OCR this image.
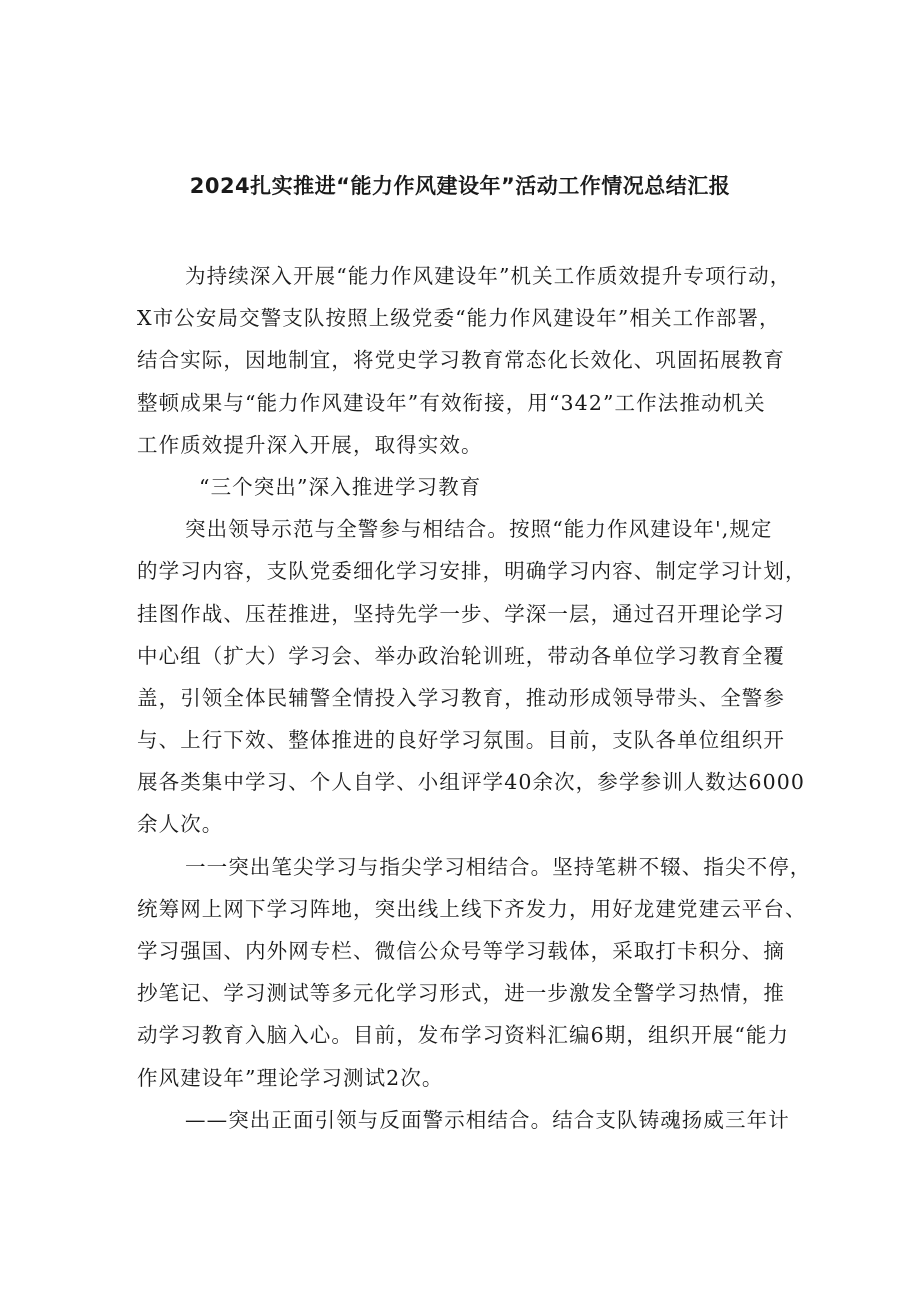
2024扎实推进“能力作风建设年”活动工作情况总结汇报
为持续深入开展“能力作风建设年”机关工作质效提升专项行动，
X市公安局交警支队按照上级党委“能力作风建设年”相关工作部署，
结合实际，因地制宜，将党史学习教育常态化长效化、巩固拓展教育
整顿成果与“能力作风建设年”有效衔接，用“342”工作法推动机关
工作质效提升深入开展，取得实效。
“三个突出”深入推进学习教育
突出领导示范与全警参与相结合。按照“能力作风建设年',规定
的学习内容，支队党委细化学习安排，明确学习内容、制定学习计划，
挂图作战、压茬推进，坚持先学一步、学深一层，通过召开理论学习
中心组（扩大）学习会、举办政治轮训班，带动各单位学习教育全覆
盖，引领全体民辅警全情投入学习教育，推动形成领导带头、全警参
与、上行下效、整体推进的良好学习氛围。目前，支队各单位组织开
展各类集中学习、个人自学、小组评学40余次，参学参训人数达6000
余人次。
一一突出笔尖学习与指尖学习相结合。坚持笔耕不辍、指尖不停，
统筹网上网下学习阵地，突出线上线下齐发力，用好龙建党建云平台、
学习强国、内外网专栏、微信公众号等学习载体，采取打卡积分、摘
抄笔记、学习测试等多元化学习形式，进一步激发全警学习热情，推
动学习教育入脑入心。目前，发布学习资料汇编6期，组织开展“能力
作风建设年”理论学习测试2次。
——突出正面引领与反面警示相结合。结合支队铸魂扬威三年计
